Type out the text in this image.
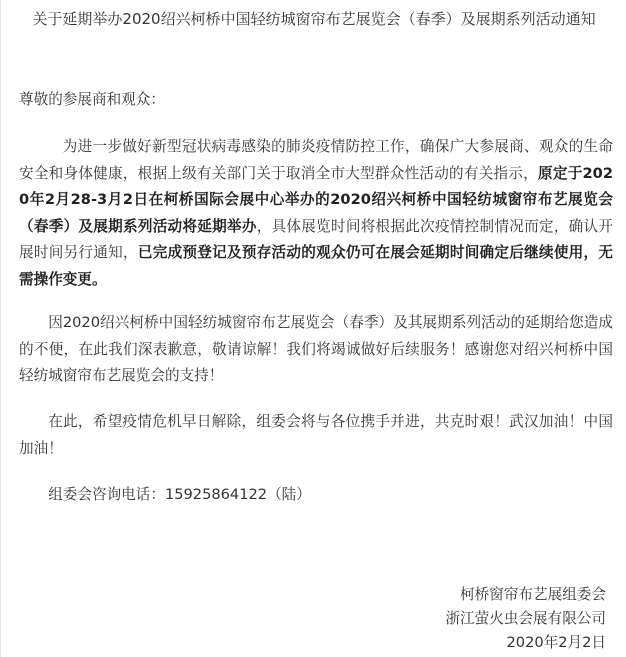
关于延期举办2020绍兴柯桥中国轻纺城窗帘布艺展览会（春季）及展期系列活动通知
尊敬的参展商和观众：
为进一步做好新型冠状病毒感染的肺炎疫情防控工作，确保广大参展商、观众的生命安全和身体健康，根据上级有关部门关于取消全市大型群众性活动的有关指示，原定于2020年2月28-3月2日在柯桥国际会展中心举办的2020绍兴柯桥中国轻纺城窗帘布艺展览会（春季）及展期系列活动将延期举办，具体展览时间将根据此次疫情控制情况而定，确认开展时间另行通知，已完成预登记及预存活动的观众仍可在展会延期时间确定后继续使用，无需操作变更。
因2020绍兴柯桥中国轻纺城窗帘布艺展览会（春季）及其展期系列活动的延期给您造成的不便，在此我们深表歉意，敬请谅解！我们将竭诚做好后续服务！感谢您对绍兴柯桥中国轻纺城窗帘布艺展览会的支持！
在此，希望疫情危机早日解除，组委会将与各位携手并进，共克时艰！武汉加油！中国加油！
组委会咨询电话：15925864122（陆）
柯桥窗帘布艺展组委会
浙江萤火虫会展有限公司
2020年2月2日
